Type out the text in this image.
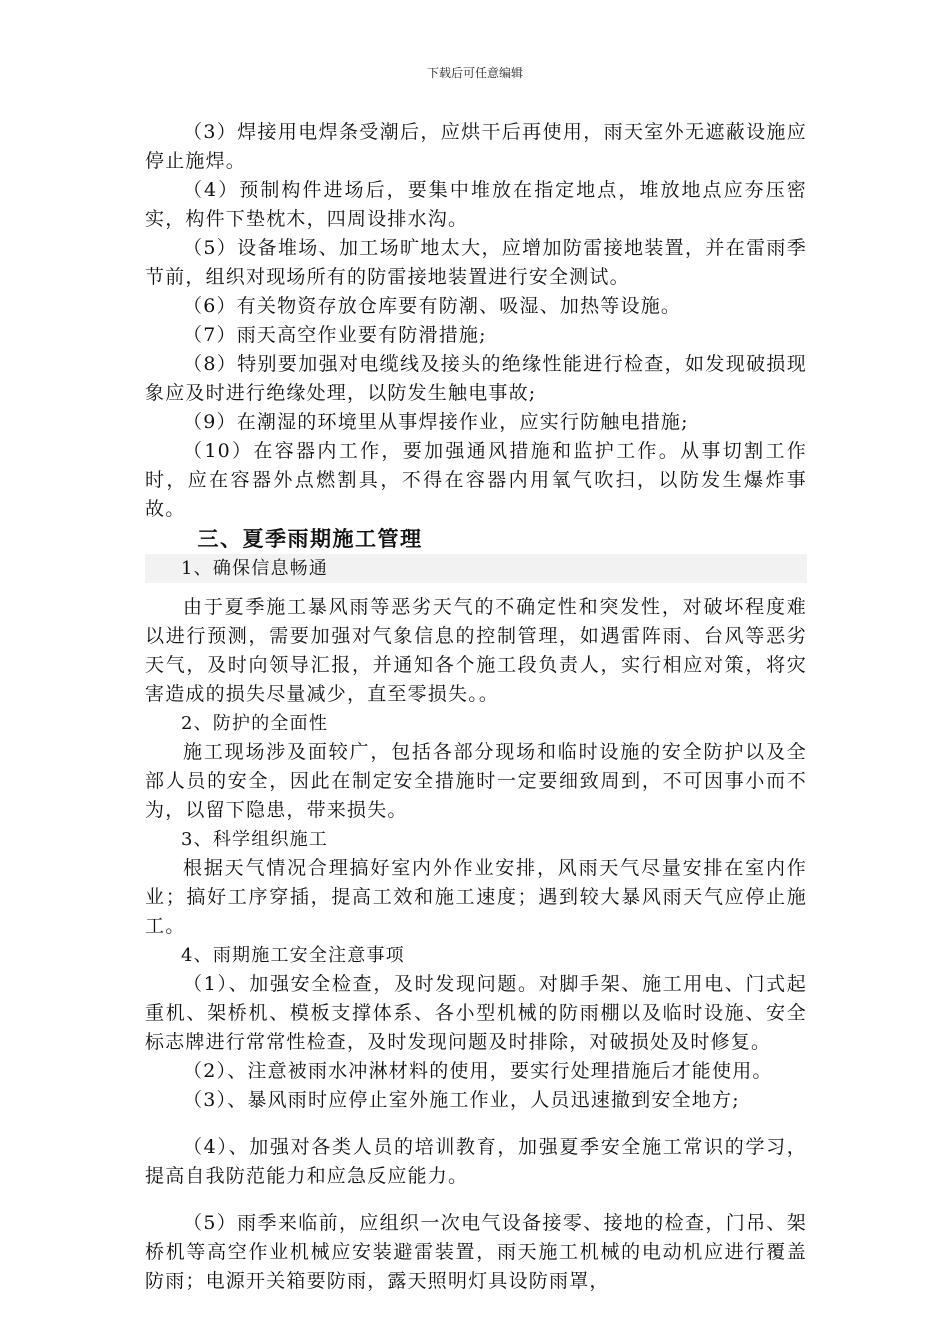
下载后可任意编辑

（3）焊接用电焊条受潮后，应烘干后再使用，雨天室外无遮蔽设施应停止施焊。

（4）预制构件进场后，要集中堆放在指定地点，堆放地点应夯压密实，构件下垫枕木，四周设排水沟。

（5）设备堆场、加工场旷地太大，应增加防雷接地装置，并在雷雨季节前，组织对现场所有的防雷接地装置进行安全测试。

（6）有关物资存放仓库要有防潮、吸湿、加热等设施。

（7）雨天高空作业要有防滑措施;

（8）特别要加强对电缆线及接头的绝缘性能进行检查，如发现破损现象应及时进行绝缘处理，以防发生触电事故;

（9）在潮湿的环境里从事焊接作业，应实行防触电措施;

（10）在容器内工作，要加强通风措施和监护工作。从事切割工作时，应在容器外点燃割具，不得在容器内用氧气吹扫，以防发生爆炸事故。

三、夏季雨期施工管理

1、确保信息畅通

由于夏季施工暴风雨等恶劣天气的不确定性和突发性，对破坏程度难以进行预测，需要加强对气象信息的控制管理，如遇雷阵雨、台风等恶劣天气，及时向领导汇报，并通知各个施工段负责人，实行相应对策，将灾害造成的损失尽量减少，直至零损失。。

2、防护的全面性

施工现场涉及面较广，包括各部分现场和临时设施的安全防护以及全部人员的安全，因此在制定安全措施时一定要细致周到，不可因事小而不为，以留下隐患，带来损失。

3、科学组织施工

根据天气情况合理搞好室内外作业安排，风雨天气尽量安排在室内作业；搞好工序穿插，提高工效和施工速度；遇到较大暴风雨天气应停止施工。

4、雨期施工安全注意事项

（1）、加强安全检查，及时发现问题。对脚手架、施工用电、门式起重机、架桥机、模板支撑体系、各小型机械的防雨棚以及临时设施、安全标志牌进行常常性检查，及时发现问题及时排除，对破损处及时修复。

（2）、注意被雨水冲淋材料的使用，要实行处理措施后才能使用。

（3）、暴风雨时应停止室外施工作业，人员迅速撤到安全地方;

（4）、加强对各类人员的培训教育，加强夏季安全施工常识的学习，提高自我防范能力和应急反应能力。

（5）雨季来临前，应组织一次电气设备接零、接地的检查，门吊、架桥机等高空作业机械应安装避雷装置，雨天施工机械的电动机应进行覆盖防雨；电源开关箱要防雨，露天照明灯具设防雨罩，
